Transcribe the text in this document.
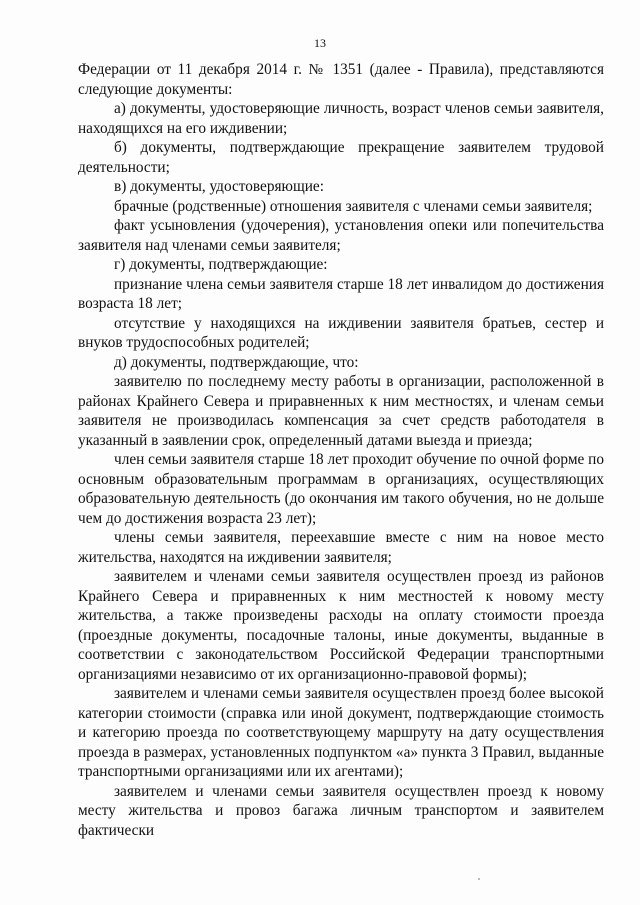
13

Федерации от 11 декабря 2014 г. № 1351 (далее - Правила), представляются следующие документы:

а) документы, удостоверяющие личность, возраст членов семьи заявителя, находящихся на его иждивении;

б) документы, подтверждающие прекращение заявителем трудовой деятельности;

в) документы, удостоверяющие:

брачные (родственные) отношения заявителя с членами семьи заявителя;

факт усыновления (удочерения), установления опеки или попечительства заявителя над членами семьи заявителя;

г) документы, подтверждающие:

признание члена семьи заявителя старше 18 лет инвалидом до достижения возраста 18 лет;

отсутствие у находящихся на иждивении заявителя братьев, сестер и внуков трудоспособных родителей;

д) документы, подтверждающие, что:

заявителю по последнему месту работы в организации, расположенной в районах Крайнего Севера и приравненных к ним местностях, и членам семьи заявителя не производилась компенсация за счет средств работодателя в указанный в заявлении срок, определенный датами выезда и приезда;

член семьи заявителя старше 18 лет проходит обучение по очной форме по основным образовательным программам в организациях, осуществляющих образовательную деятельность (до окончания им такого обучения, но не дольше чем до достижения возраста 23 лет);

члены семьи заявителя, переехавшие вместе с ним на новое место жительства, находятся на иждивении заявителя;

заявителем и членами семьи заявителя осуществлен проезд из районов Крайнего Севера и приравненных к ним местностей к новому месту жительства, а также произведены расходы на оплату стоимости проезда (проездные документы, посадочные талоны, иные документы, выданные в соответствии с законодательством Российской Федерации транспортными организациями независимо от их организационно-правовой формы);

заявителем и членами семьи заявителя осуществлен проезд более высокой категории стоимости (справка или иной документ, подтверждающие стоимость и категорию проезда по соответствующему маршруту на дату осуществления проезда в размерах, установленных подпунктом «а» пункта 3 Правил, выданные транспортными организациями или их агентами);

заявителем и членами семьи заявителя осуществлен проезд к новому месту жительства и провоз багажа личным транспортом и заявителем фактически
